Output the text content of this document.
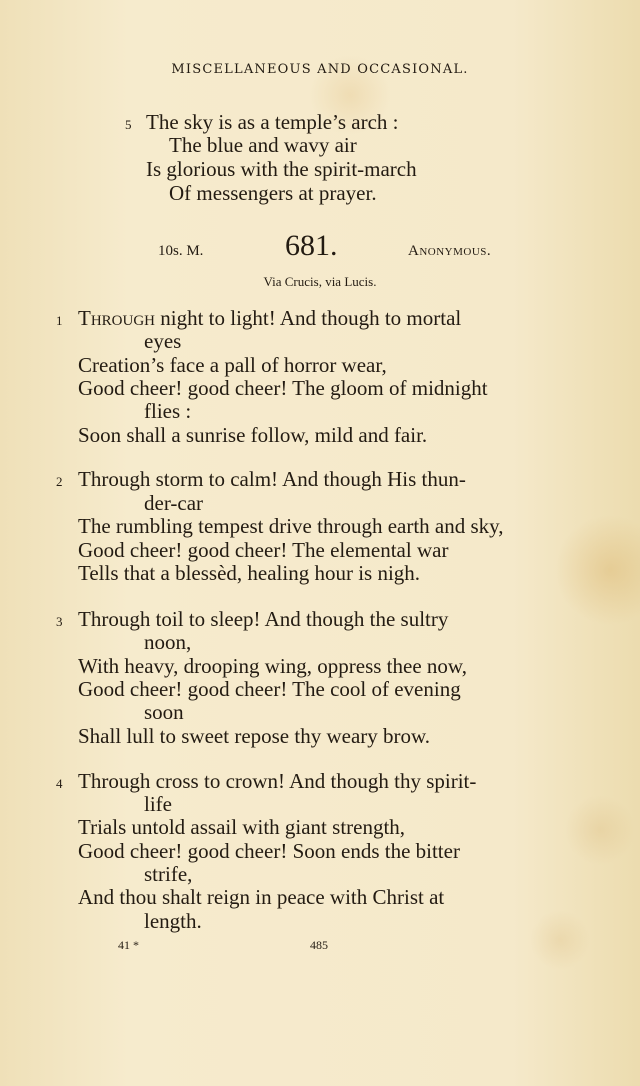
MISCELLANEOUS AND OCCASIONAL.
5 The sky is as a temple’s arch :
The blue and wavy air
Is glorious with the spirit-march
Of messengers at prayer.
10s. M.	681.	Anonymous.
Via Crucis, via Lucis.
1 Through night to light! And though to mortal
eyes
Creation’s face a pall of horror wear,
Good cheer! good cheer! The gloom of midnight
flies :
Soon shall a sunrise follow, mild and fair.
2 Through storm to calm! And though His thun-
der-car
The rumbling tempest drive through earth and sky,
Good cheer! good cheer! The elemental war
Tells that a blessèd, healing hour is nigh.
3 Through toil to sleep! And though the sultry
noon,
With heavy, drooping wing, oppress thee now,
Good cheer! good cheer! The cool of evening
soon
Shall lull to sweet repose thy weary brow.
4 Through cross to crown! And though thy spirit-
life
Trials untold assail with giant strength,
Good cheer! good cheer! Soon ends the bitter
strife,
And thou shalt reign in peace with Christ at
length.
41 *	485
